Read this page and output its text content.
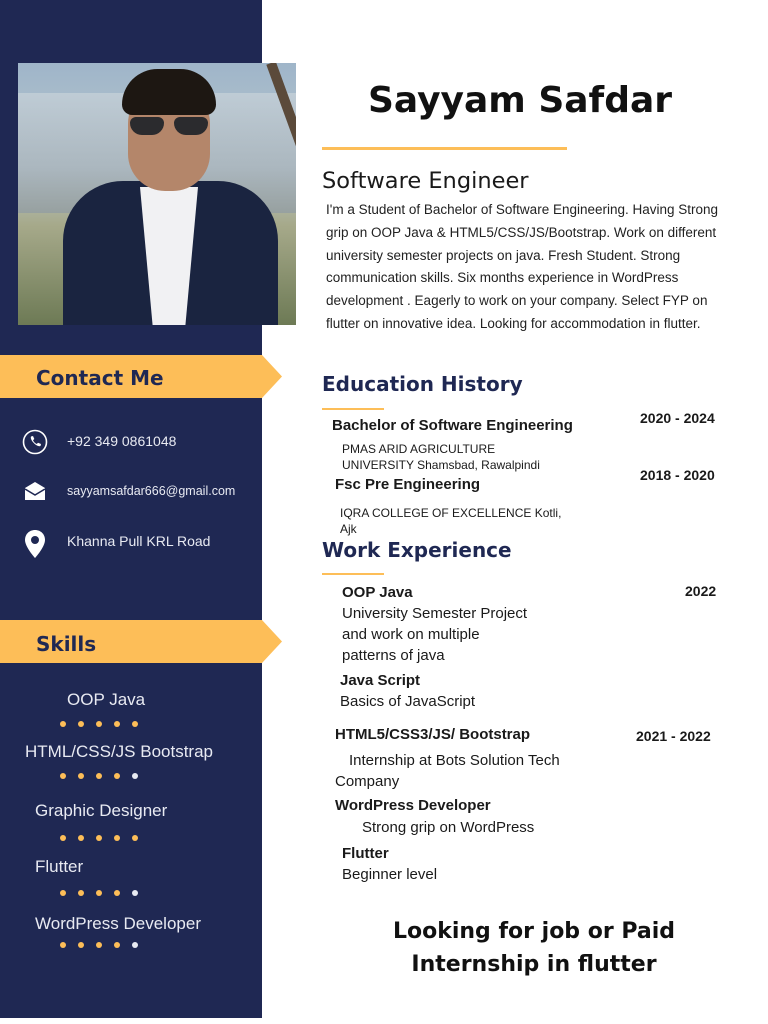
Contact Me
+92 349 0861048
sayyamsafdar666@gmail.com
Khanna Pull KRL Road
Skills
OOP Java
HTML/CSS/JS Bootstrap
Graphic Designer
Flutter
WordPress Developer
Sayyam Safdar
Software Engineer
I'm a Student of Bachelor of Software Engineering. Having Strong grip on OOP Java & HTML5/CSS/JS/Bootstrap. Work on different university semester projects on java. Fresh Student. Strong communication skills. Six months experience in WordPress development . Eagerly to work on your company. Select FYP on flutter on innovative idea. Looking for accommodation in flutter.
Education History
Bachelor of Software Engineering	2020 - 2024
PMAS ARID AGRICULTURE
UNIVERSITY Shamsbad, Rawalpindi
Fsc Pre Engineering
2018 - 2020
IQRA COLLEGE OF EXCELLENCE Kotli,
Ajk
Work Experience
OOP Java	2022
University Semester Project
and work on multiple
patterns of java
Java Script
Basics of JavaScript
HTML5/CSS3/JS/ Bootstrap	2021 - 2022
Internship at Bots Solution Tech
Company
WordPress Developer
Strong grip on WordPress
Flutter
Beginner level
Looking for job or Paid
Internship in flutter
